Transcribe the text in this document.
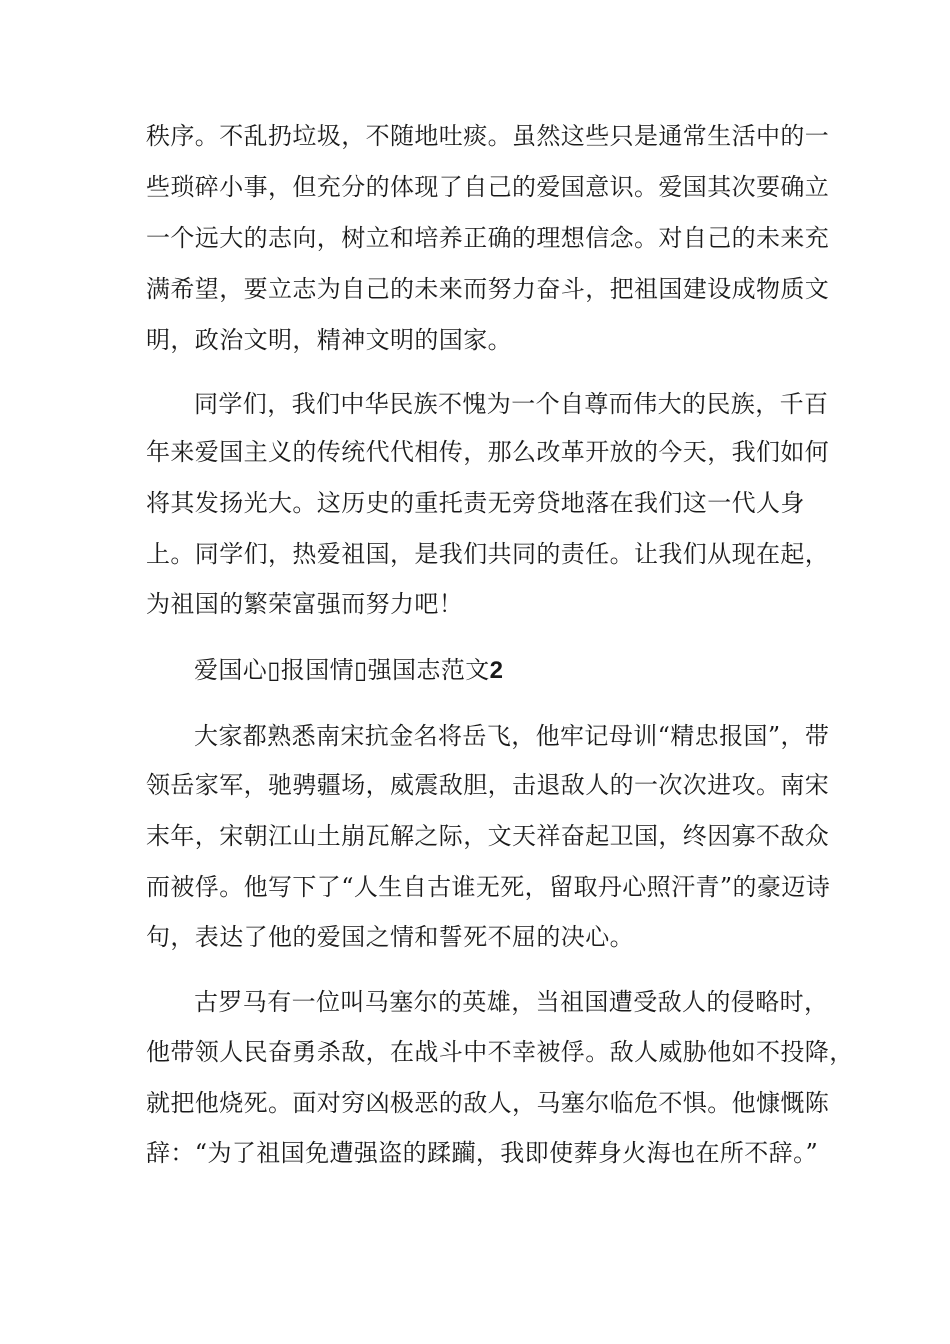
秩序。不乱扔垃圾，不随地吐痰。虽然这些只是通常生活中的一
些琐碎小事，但充分的体现了自己的爱国意识。爱国其次要确立
一个远大的志向，树立和培养正确的理想信念。对自己的未来充
满希望，要立志为自己的未来而努力奋斗，把祖国建设成物质文
明，政治文明，精神文明的国家。
同学们，我们中华民族不愧为一个自尊而伟大的民族，千百
年来爱国主义的传统代代相传，那么改革开放的今天，我们如何
将其发扬光大。这历史的重托责无旁贷地落在我们这一代人身
上。同学们，热爱祖国，是我们共同的责任。让我们从现在起，
为祖国的繁荣富强而努力吧！
爱国心▯报国情▯强国志范文2
大家都熟悉南宋抗金名将岳飞，他牢记母训“精忠报国”，带
领岳家军，驰骋疆场，威震敌胆，击退敌人的一次次进攻。南宋
末年，宋朝江山土崩瓦解之际，文天祥奋起卫国，终因寡不敌众
而被俘。他写下了“人生自古谁无死，留取丹心照汗青”的豪迈诗
句，表达了他的爱国之情和誓死不屈的决心。
古罗马有一位叫马塞尔的英雄，当祖国遭受敌人的侵略时，
他带领人民奋勇杀敌，在战斗中不幸被俘。敌人威胁他如不投降，
就把他烧死。面对穷凶极恶的敌人，马塞尔临危不惧。他慷慨陈
辞：“为了祖国免遭强盗的蹂躏，我即使葬身火海也在所不辞。”
